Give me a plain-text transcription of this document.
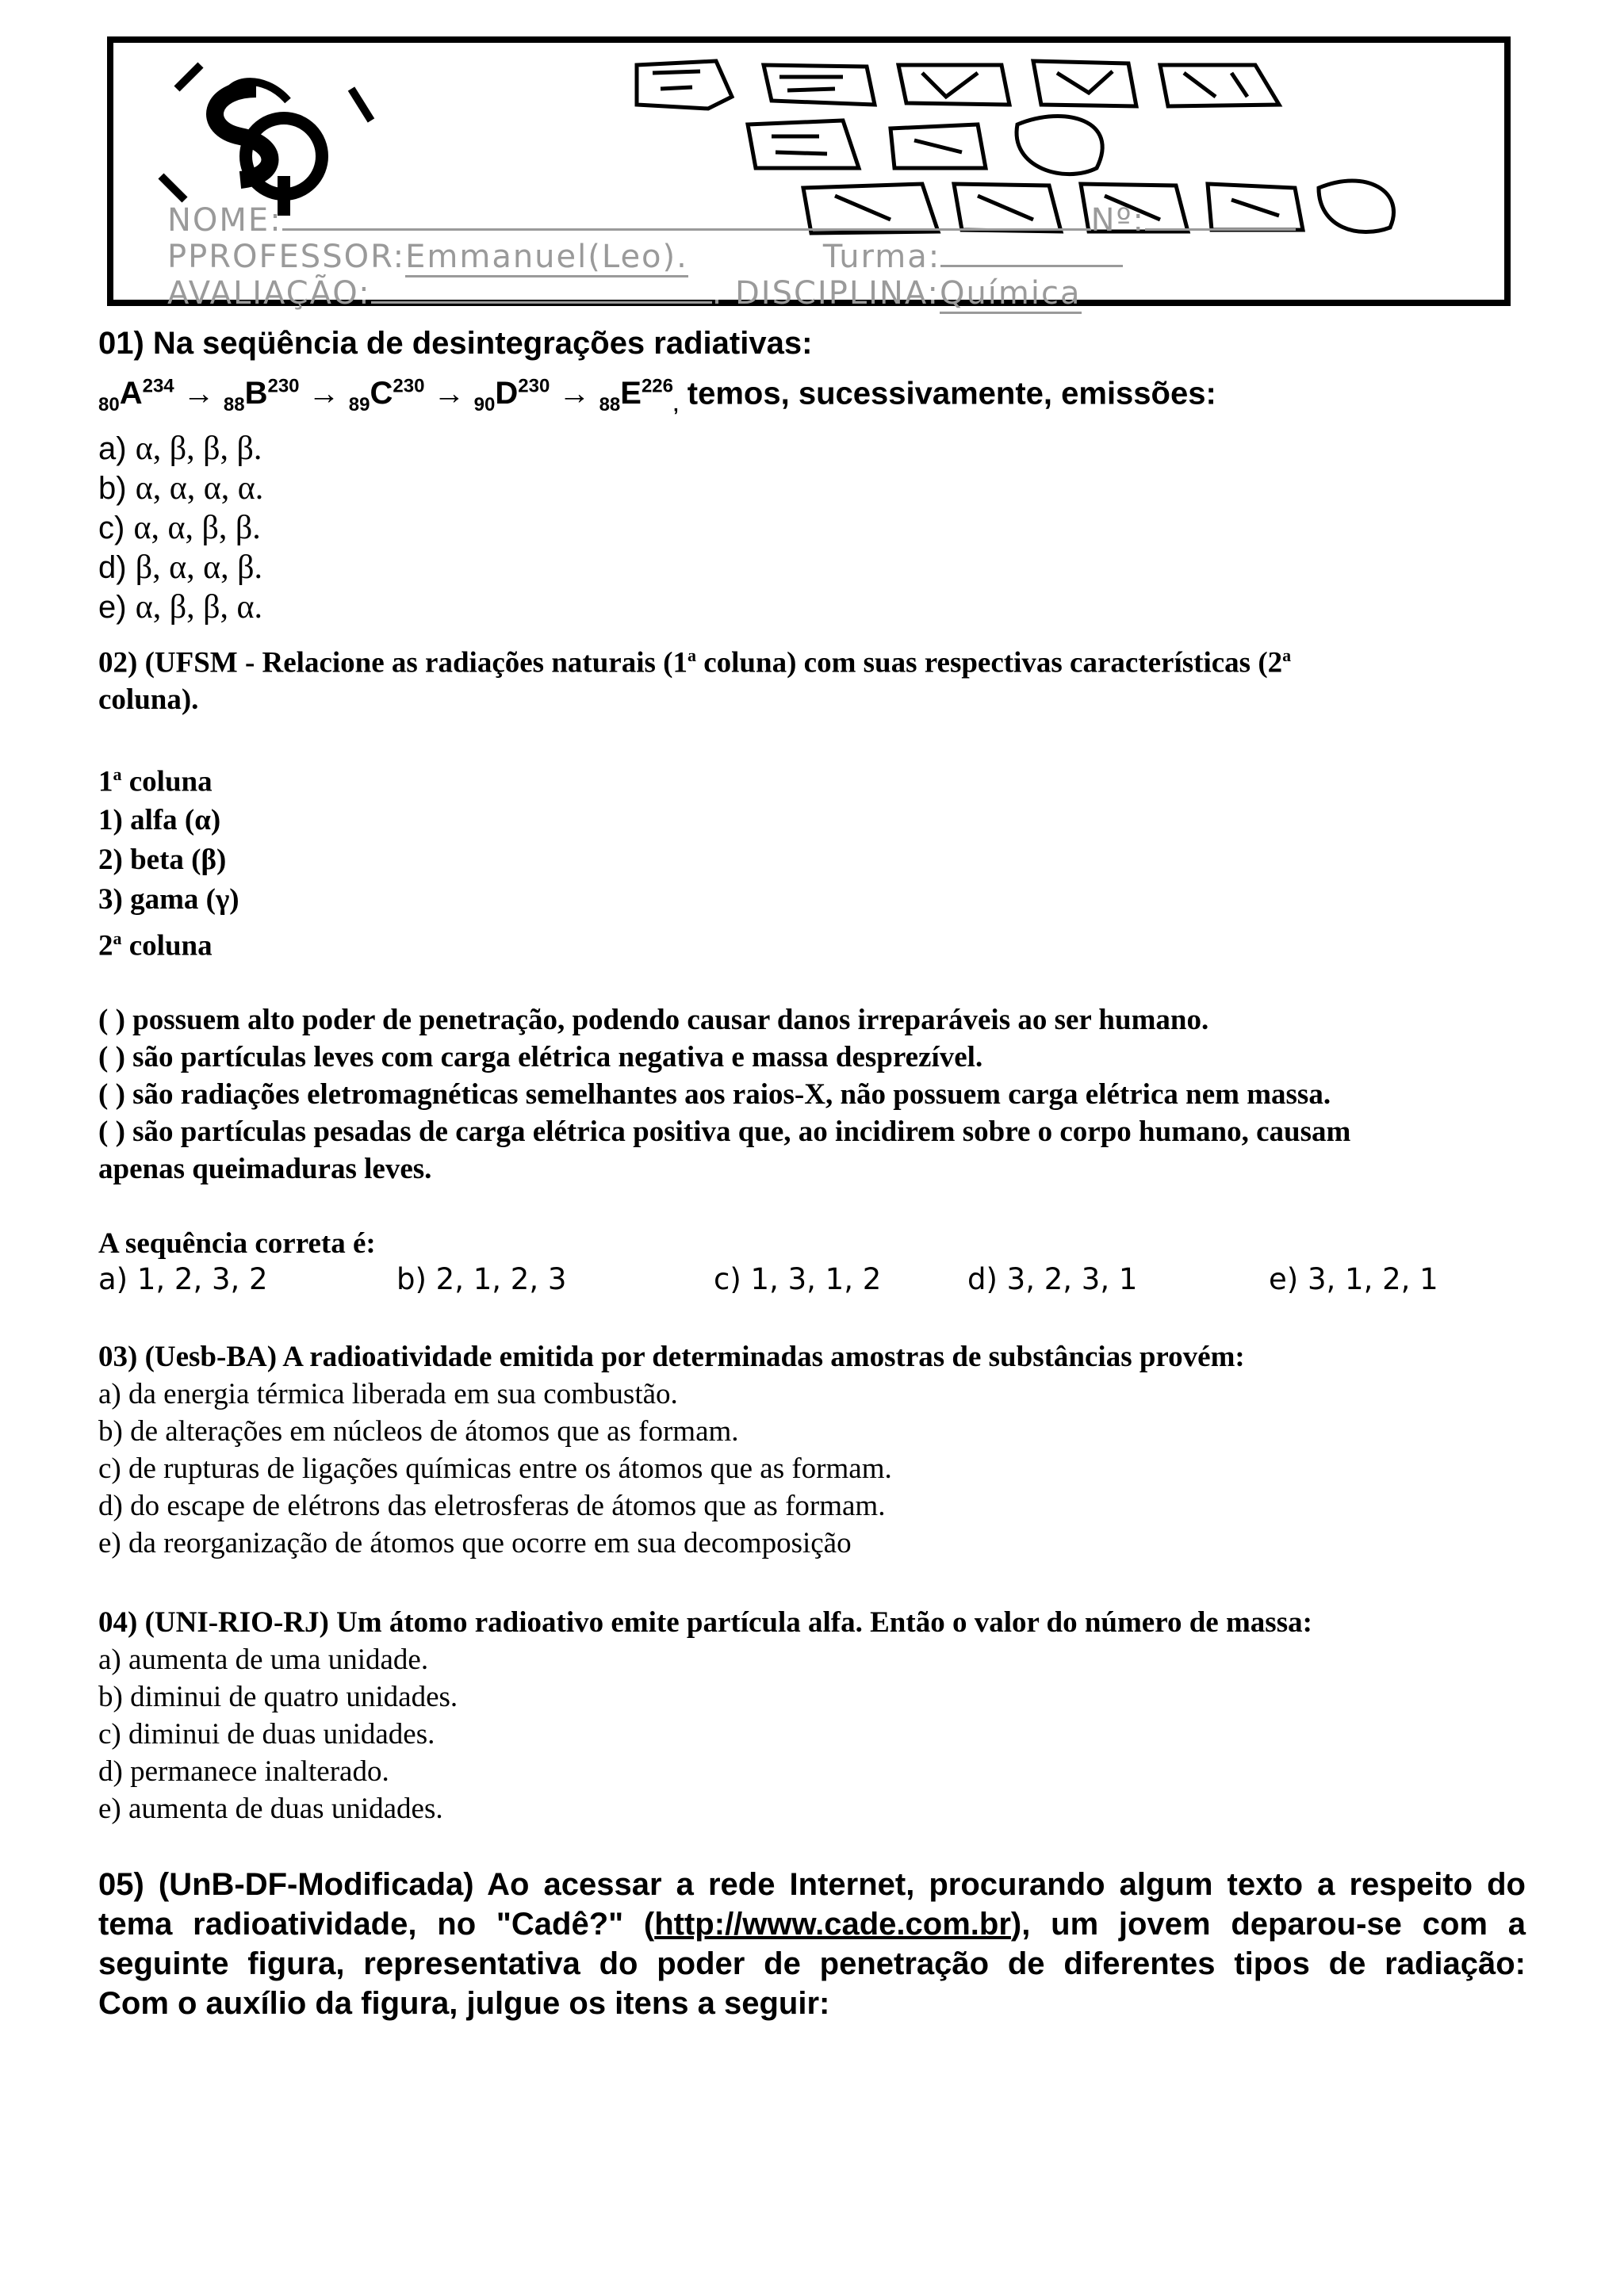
NOME:	Nº:
PPROFESSOR:Emmanuel(Leo).	Turma:
AVALIAÇÃO:	. DISCIPLINA:Química
01) Na seqüência de desintegrações radiativas:
$_{80}A^{234} \to _{88}B^{230} \to _{89}C^{230} \to _{90}D^{230} \to _{88}E^{226}_,$ temos, sucessivamente, emissões:
a) α, β, β, β.
b) α, α, α, α.
c) α, α, β, β.
d) β, α, α, β.
e) α, β, β, α.
02) (UFSM - Relacione as radiações naturais (1$^a$ coluna) com suas respectivas características (2$^a$
coluna).
1$^a$ coluna
1) alfa (α)
2) beta (β)
3) gama (γ)
2$^a$ coluna
( ) possuem alto poder de penetração, podendo causar danos irreparáveis ao ser humano.
( ) são partículas leves com carga elétrica negativa e massa desprezível.
( ) são radiações eletromagnéticas semelhantes aos raios-X, não possuem carga elétrica nem massa.
( ) são partículas pesadas de carga elétrica positiva que, ao incidirem sobre o corpo humano, causam
apenas queimaduras leves.
A sequência correta é:
a) 1, 2, 3, 2	b) 2, 1, 2, 3	c) 1, 3, 1, 2	d) 3, 2, 3, 1	e) 3, 1, 2, 1
03) (Uesb-BA) A radioatividade emitida por determinadas amostras de substâncias provém:
a) da energia térmica liberada em sua combustão.
b) de alterações em núcleos de átomos que as formam.
c) de rupturas de ligações químicas entre os átomos que as formam.
d) do escape de elétrons das eletrosferas de átomos que as formam.
e) da reorganização de átomos que ocorre em sua decomposição
04) (UNI-RIO-RJ) Um átomo radioativo emite partícula alfa. Então o valor do número de massa:
a) aumenta de uma unidade.
b) diminui de quatro unidades.
c) diminui de duas unidades.
d) permanece inalterado.
e) aumenta de duas unidades.
05) (UnB-DF-Modificada) Ao acessar a rede Internet, procurando algum texto a respeito do
tema radioatividade, no "Cadê?" (http://www.cade.com.br), um jovem deparou-se com a
seguinte figura, representativa do poder de penetração de diferentes tipos de radiação:
Com o auxílio da figura, julgue os itens a seguir:
